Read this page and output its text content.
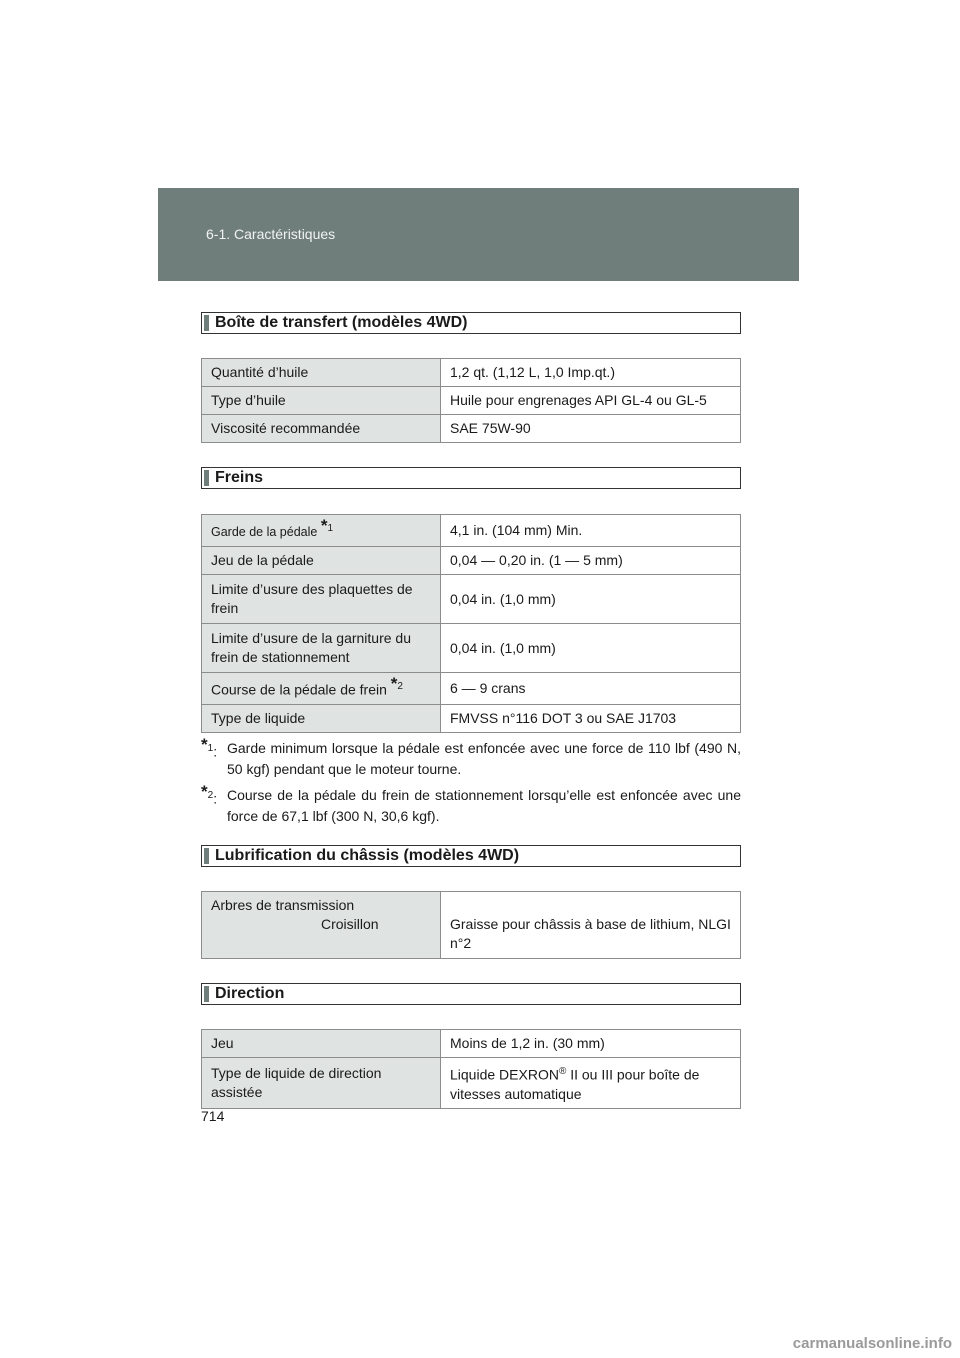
6-1. Caractéristiques
Boîte de transfert (modèles 4WD)
Quantité d’huile	1,2 qt. (1,12 L, 1,0 Imp.qt.)
Type d’huile	Huile pour engrenages API GL-4 ou GL-5
Viscosité recommandée	SAE 75W-90
Freins
Garde de la pédale *$^1$	4,1 in. (104 mm) Min.
Jeu de la pédale	0,04 — 0,20 in. (1 — 5 mm)
Limite d’usure des plaquettes de frein	0,04 in. (1,0 mm)
Limite d’usure de la garniture du frein de stationnement	0,04 in. (1,0 mm)
Course de la pédale de frein *$^2$	6 — 9 crans
Type de liquide	FMVSS n°116 DOT 3 ou SAE J1703
*$^1$: Garde minimum lorsque la pédale est enfoncée avec une force de 110 lbf (490 N, 50 kgf) pendant que le moteur tourne.
*$^2$: Course de la pédale du frein de stationnement lorsqu’elle est enfoncée avec une force de 67,1 lbf (300 N, 30,6 kgf).
Lubrification du châssis (modèles 4WD)
Arbres de transmission
Croisillon	Graisse pour châssis à base de lithium, NLGI n°2
Direction
Jeu	Moins de 1,2 in. (30 mm)
Type de liquide de direction assistée	Liquide DEXRON® II ou III pour boîte de vitesses automatique
714
carmanualsonline.info
